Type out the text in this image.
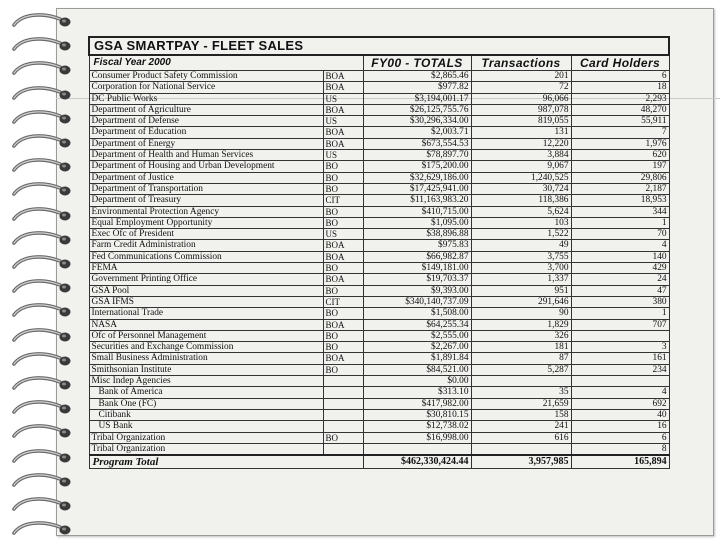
GSA SMARTPAY - FLEET SALES				
Fiscal Year 2000		FY00 - TOTALS	Transactions	Card Holders
Consumer Product Safety Commission	BOA	$2,865.46	201	6
Corporation for National Service	BOA	$977.82	72	18
DC Public Works	US	$3,194,001.17	96,066	2,293
Department of Agriculture	BOA	$26,125,755.76	987,078	48,270
Department of Defense	US	$30,296,334.00	819,055	55,911
Department of Education	BOA	$2,003.71	131	7
Department of Energy	BOA	$673,554.53	12,220	1,976
Department of Health and Human Services	US	$78,897.70	3,884	620
Department of Housing and Urban Development	BO	$175,200.00	9,067	197
Department of Justice	BO	$32,629,186.00	1,240,525	29,806
Department of Transportation	BO	$17,425,941.00	30,724	2,187
Department of Treasury	CIT	$11,163,983.20	118,386	18,953
Environmental Protection Agency	BO	$410,715.00	5,624	344
Equal Employment Opportunity	BO	$1,095.00	103	1
Exec Ofc of President	US	$38,896.88	1,522	70
Farm Credit Administration	BOA	$975.83	49	4
Fed Communications Commission	BOA	$66,982.87	3,755	140
FEMA	BO	$149,181.00	3,700	429
Government Printing Office	BOA	$19,703.37	1,337	24
GSA Pool	BO	$9,393.00	951	47
GSA IFMS	CIT	$340,140,737.09	291,646	380
International Trade	BO	$1,508.00	90	1
NASA	BOA	$64,255.34	1,829	707
Ofc of Personnel Management	BO	$2,555.00	326	
Securities and Exchange Commission	BO	$2,267.00	181	3
Small Business Administration	BOA	$1,891.84	87	161
Smithsonian Institute	BO	$84,521.00	5,287	234
Misc Indep Agencies		$0.00		
Bank of America		$313.10	35	4
Bank One (FC)		$417,982.00	21,659	692
Citibank		$30,810.15	158	40
US Bank		$12,738.02	241	16
Tribal Organization	BO	$16,998.00	616	6
Tribal Organization				8
Program Total		$462,330,424.44	3,957,985	165,894
